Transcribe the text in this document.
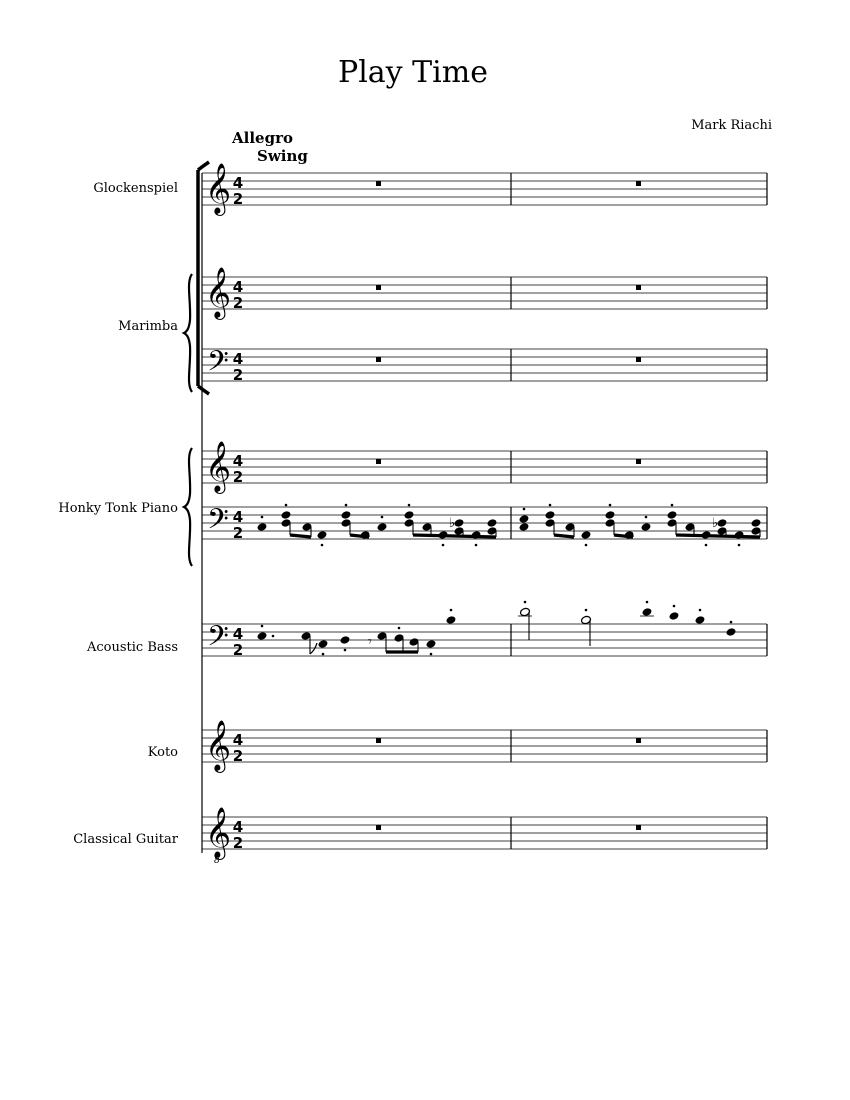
Play Time
Mark Riachi
Allegro
Swing
Glockenspiel
Marimba
Honky Tonk Piano
Acoustic Bass
Koto
Classical Guitar
𝄞
𝄞
𝄢
𝄞
𝄢
𝄢
𝄞
𝄞
8
4
2
4
2
4
2
4
2
4
2
4
2
4
2
4
2
♭	♭
𝄾
